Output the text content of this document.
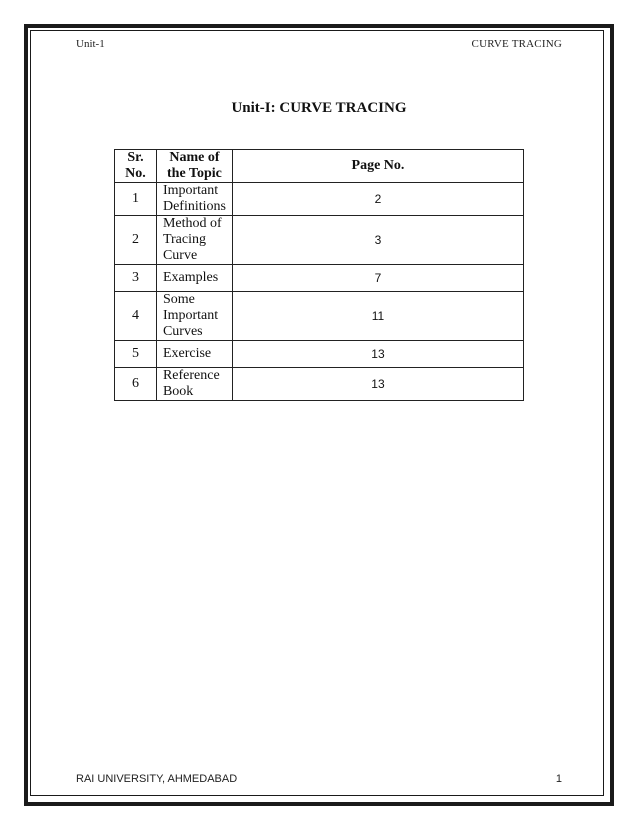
Unit-1	CURVE TRACING
Unit-I: CURVE TRACING
Sr. No.	Name of the Topic	Page No.
1	Important Definitions	2
2	Method of Tracing Curve	3
3	Examples	7
4	Some Important Curves	11
5	Exercise	13
6	Reference Book	13
RAI UNIVERSITY, AHMEDABAD	1
